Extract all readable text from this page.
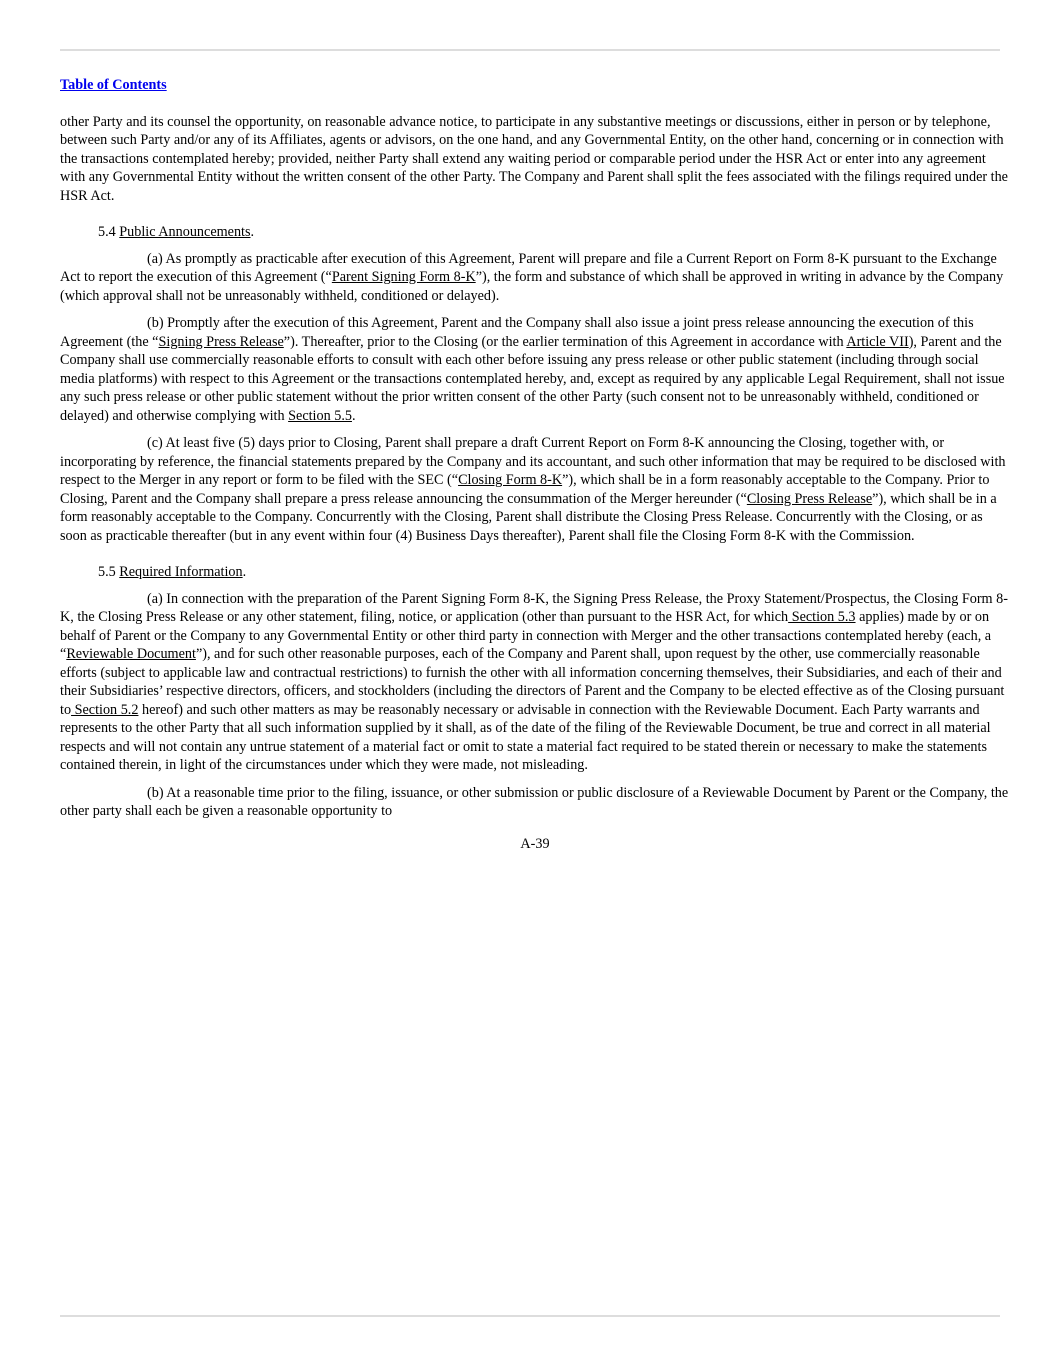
Table of Contents

other Party and its counsel the opportunity, on reasonable advance notice, to participate in any substantive meetings or discussions, either in person or by telephone, between such Party and/or any of its Affiliates, agents or advisors, on the one hand, and any Governmental Entity, on the other hand, concerning or in connection with the transactions contemplated hereby; provided, neither Party shall extend any waiting period or comparable period under the HSR Act or enter into any agreement with any Governmental Entity without the written consent of the other Party. The Company and Parent shall split the fees associated with the filings required under the HSR Act.

5.4 Public Announcements.

(a) As promptly as practicable after execution of this Agreement, Parent will prepare and file a Current Report on Form 8-K pursuant to the Exchange Act to report the execution of this Agreement (“Parent Signing Form 8-K”), the form and substance of which shall be approved in writing in advance by the Company (which approval shall not be unreasonably withheld, conditioned or delayed).

(b) Promptly after the execution of this Agreement, Parent and the Company shall also issue a joint press release announcing the execution of this Agreement (the “Signing Press Release”). Thereafter, prior to the Closing (or the earlier termination of this Agreement in accordance with Article VII), Parent and the Company shall use commercially reasonable efforts to consult with each other before issuing any press release or other public statement (including through social media platforms) with respect to this Agreement or the transactions contemplated hereby, and, except as required by any applicable Legal Requirement, shall not issue any such press release or other public statement without the prior written consent of the other Party (such consent not to be unreasonably withheld, conditioned or delayed) and otherwise complying with Section 5.5.

(c) At least five (5) days prior to Closing, Parent shall prepare a draft Current Report on Form 8-K announcing the Closing, together with, or incorporating by reference, the financial statements prepared by the Company and its accountant, and such other information that may be required to be disclosed with respect to the Merger in any report or form to be filed with the SEC (“Closing Form 8-K”), which shall be in a form reasonably acceptable to the Company. Prior to Closing, Parent and the Company shall prepare a press release announcing the consummation of the Merger hereunder (“Closing Press Release”), which shall be in a form reasonably acceptable to the Company. Concurrently with the Closing, Parent shall distribute the Closing Press Release. Concurrently with the Closing, or as soon as practicable thereafter (but in any event within four (4) Business Days thereafter), Parent shall file the Closing Form 8-K with the Commission.

5.5 Required Information.

(a) In connection with the preparation of the Parent Signing Form 8-K, the Signing Press Release, the Proxy Statement/Prospectus, the Closing Form 8-K, the Closing Press Release or any other statement, filing, notice, or application (other than pursuant to the HSR Act, for which Section 5.3 applies) made by or on behalf of Parent or the Company to any Governmental Entity or other third party in connection with Merger and the other transactions contemplated hereby (each, a “Reviewable Document”), and for such other reasonable purposes, each of the Company and Parent shall, upon request by the other, use commercially reasonable efforts (subject to applicable law and contractual restrictions) to furnish the other with all information concerning themselves, their Subsidiaries, and each of their and their Subsidiaries’ respective directors, officers, and stockholders (including the directors of Parent and the Company to be elected effective as of the Closing pursuant to Section 5.2 hereof) and such other matters as may be reasonably necessary or advisable in connection with the Reviewable Document. Each Party warrants and represents to the other Party that all such information supplied by it shall, as of the date of the filing of the Reviewable Document, be true and correct in all material respects and will not contain any untrue statement of a material fact or omit to state a material fact required to be stated therein or necessary to make the statements contained therein, in light of the circumstances under which they were made, not misleading.

(b) At a reasonable time prior to the filing, issuance, or other submission or public disclosure of a Reviewable Document by Parent or the Company, the other party shall each be given a reasonable opportunity to

A-39
